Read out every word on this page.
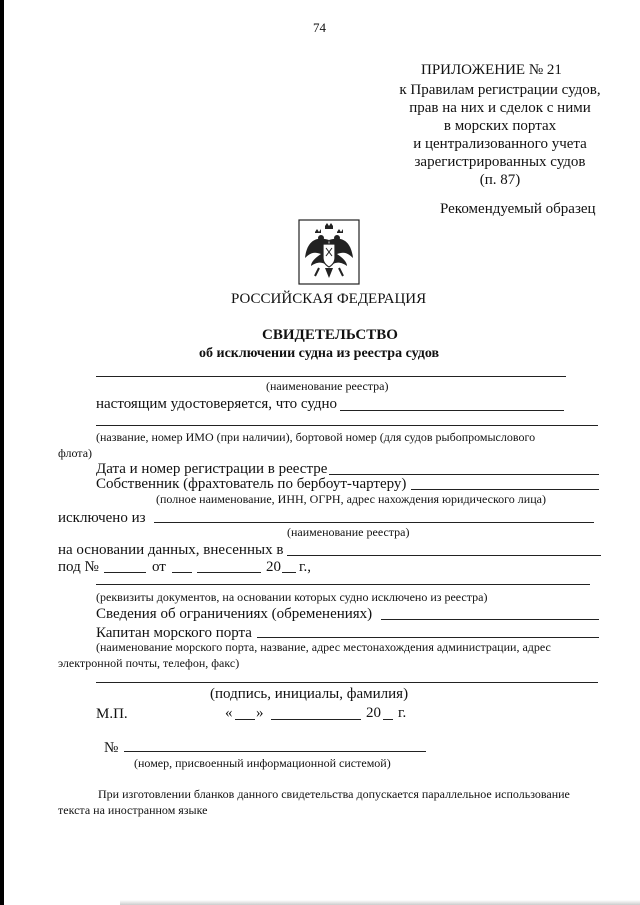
74
ПРИЛОЖЕНИЕ № 21
к Правилам регистрации судов,
прав на них и сделок с ними
в морских портах
и централизованного учета
зарегистрированных судов
(п. 87)
Рекомендуемый образец
РОССИЙСКАЯ ФЕДЕРАЦИЯ
СВИДЕТЕЛЬСТВО
об исключении судна из реестра судов
(наименование реестра)
настоящим удостоверяется, что судно
(название, номер ИМО (при наличии), бортовой номер (для судов рыбопромыслового
флота)
Дата и номер регистрации в реестре
Собственник (фрахтователь по бербоут-чартеру)
(полное наименование, ИНН, ОГРН, адрес нахождения юридического лица)
исключено из
(наименование реестра)
на основании данных, внесенных в
под №	от	20 г.,
(реквизиты документов, на основании которых судно исключено из реестра)
Сведения об ограничениях (обременениях)
Капитан морского порта
(наименование морского порта, название, адрес местонахождения администрации, адрес
электронной почты, телефон, факс)
(подпись, инициалы, фамилия)
М.П.	« »	20 г.
№
(номер, присвоенный информационной системой)
При изготовлении бланков данного свидетельства допускается параллельное использование
текста на иностранном языке
